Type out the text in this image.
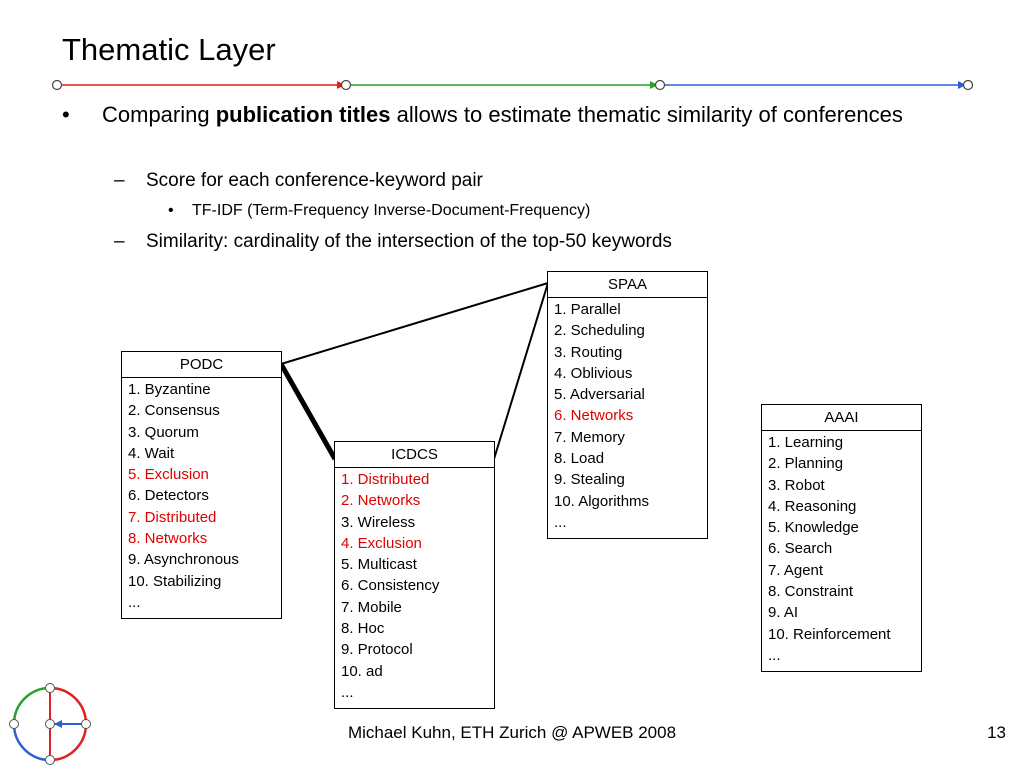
Thematic Layer
• Comparing publication titles allows to estimate thematic similarity of conferences
– Score for each conference-keyword pair
• TF-IDF (Term-Frequency Inverse-Document-Frequency)
– Similarity: cardinality of the intersection of the top-50 keywords
PODC
1. Byzantine
2. Consensus
3. Quorum
4. Wait
5. Exclusion
6. Detectors
7. Distributed
8. Networks
9. Asynchronous
10. Stabilizing
...
ICDCS
1. Distributed
2. Networks
3. Wireless
4. Exclusion
5. Multicast
6. Consistency
7. Mobile
8. Hoc
9. Protocol
10. ad
...
SPAA
1. Parallel
2. Scheduling
3. Routing
4. Oblivious
5. Adversarial
6. Networks
7. Memory
8. Load
9. Stealing
10. Algorithms
...
AAAI
1. Learning
2. Planning
3. Robot
4. Reasoning
5. Knowledge
6. Search
7. Agent
8. Constraint
9. AI
10. Reinforcement
...
Michael Kuhn, ETH Zurich @ APWEB 2008	13
